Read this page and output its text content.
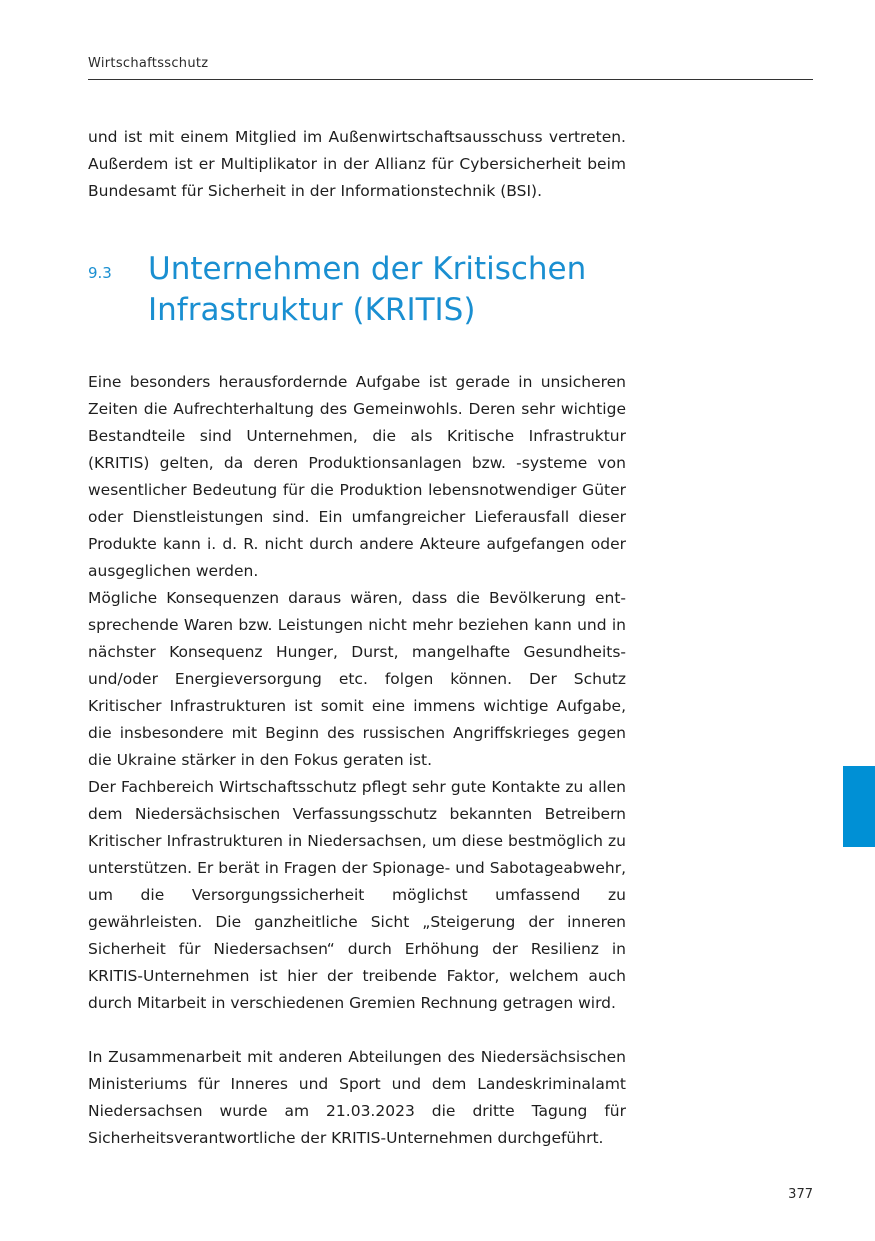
Wirtschaftsschutz

und ist mit einem Mitglied im Außenwirtschaftsausschuss vertreten. Außerdem ist er Multiplikator in der Allianz für Cybersicherheit beim Bundesamt für Sicherheit in der Informationstechnik (BSI).

9.3 Unternehmen der Kritischen Infrastruktur (KRITIS)

Eine besonders herausfordernde Aufgabe ist gerade in unsicheren Zeiten die Aufrechterhaltung des Gemeinwohls. Deren sehr wichtige Bestandteile sind Unternehmen, die als Kritische Infrastruktur (KRITIS) gelten, da deren Produktionsanlagen bzw. -systeme von wesentlicher Bedeutung für die Produktion lebensnotwendiger Güter oder Dienstleistungen sind. Ein umfangreicher Lieferausfall dieser Produkte kann i. d. R. nicht durch andere Akteure aufgefangen oder ausgeglichen werden.

Mögliche Konsequenzen daraus wären, dass die Bevölkerung entsprechende Waren bzw. Leistungen nicht mehr beziehen kann und in nächster Konsequenz Hunger, Durst, mangelhafte Gesundheits- und/oder Energieversorgung etc. folgen können. Der Schutz Kritischer Infrastrukturen ist somit eine immens wichtige Aufgabe, die insbesondere mit Beginn des russischen Angriffskrieges gegen die Ukraine stärker in den Fokus geraten ist.

Der Fachbereich Wirtschaftsschutz pflegt sehr gute Kontakte zu allen dem Niedersächsischen Verfassungsschutz bekannten Betreibern Kritischer Infrastrukturen in Niedersachsen, um diese bestmöglich zu unterstützen. Er berät in Fragen der Spionage- und Sabotageabwehr, um die Versorgungssicherheit möglichst umfassend zu gewährleisten. Die ganzheitliche Sicht „Steigerung der inneren Sicherheit für Niedersachsen“ durch Erhöhung der Resilienz in KRITIS-Unternehmen ist hier der treibende Faktor, welchem auch durch Mitarbeit in verschiedenen Gremien Rechnung getragen wird.

In Zusammenarbeit mit anderen Abteilungen des Niedersächsischen Ministeriums für Inneres und Sport und dem Landeskriminalamt Niedersachsen wurde am 21.03.2023 die dritte Tagung für Sicherheitsverantwortliche der KRITIS-Unternehmen durchgeführt.

377
